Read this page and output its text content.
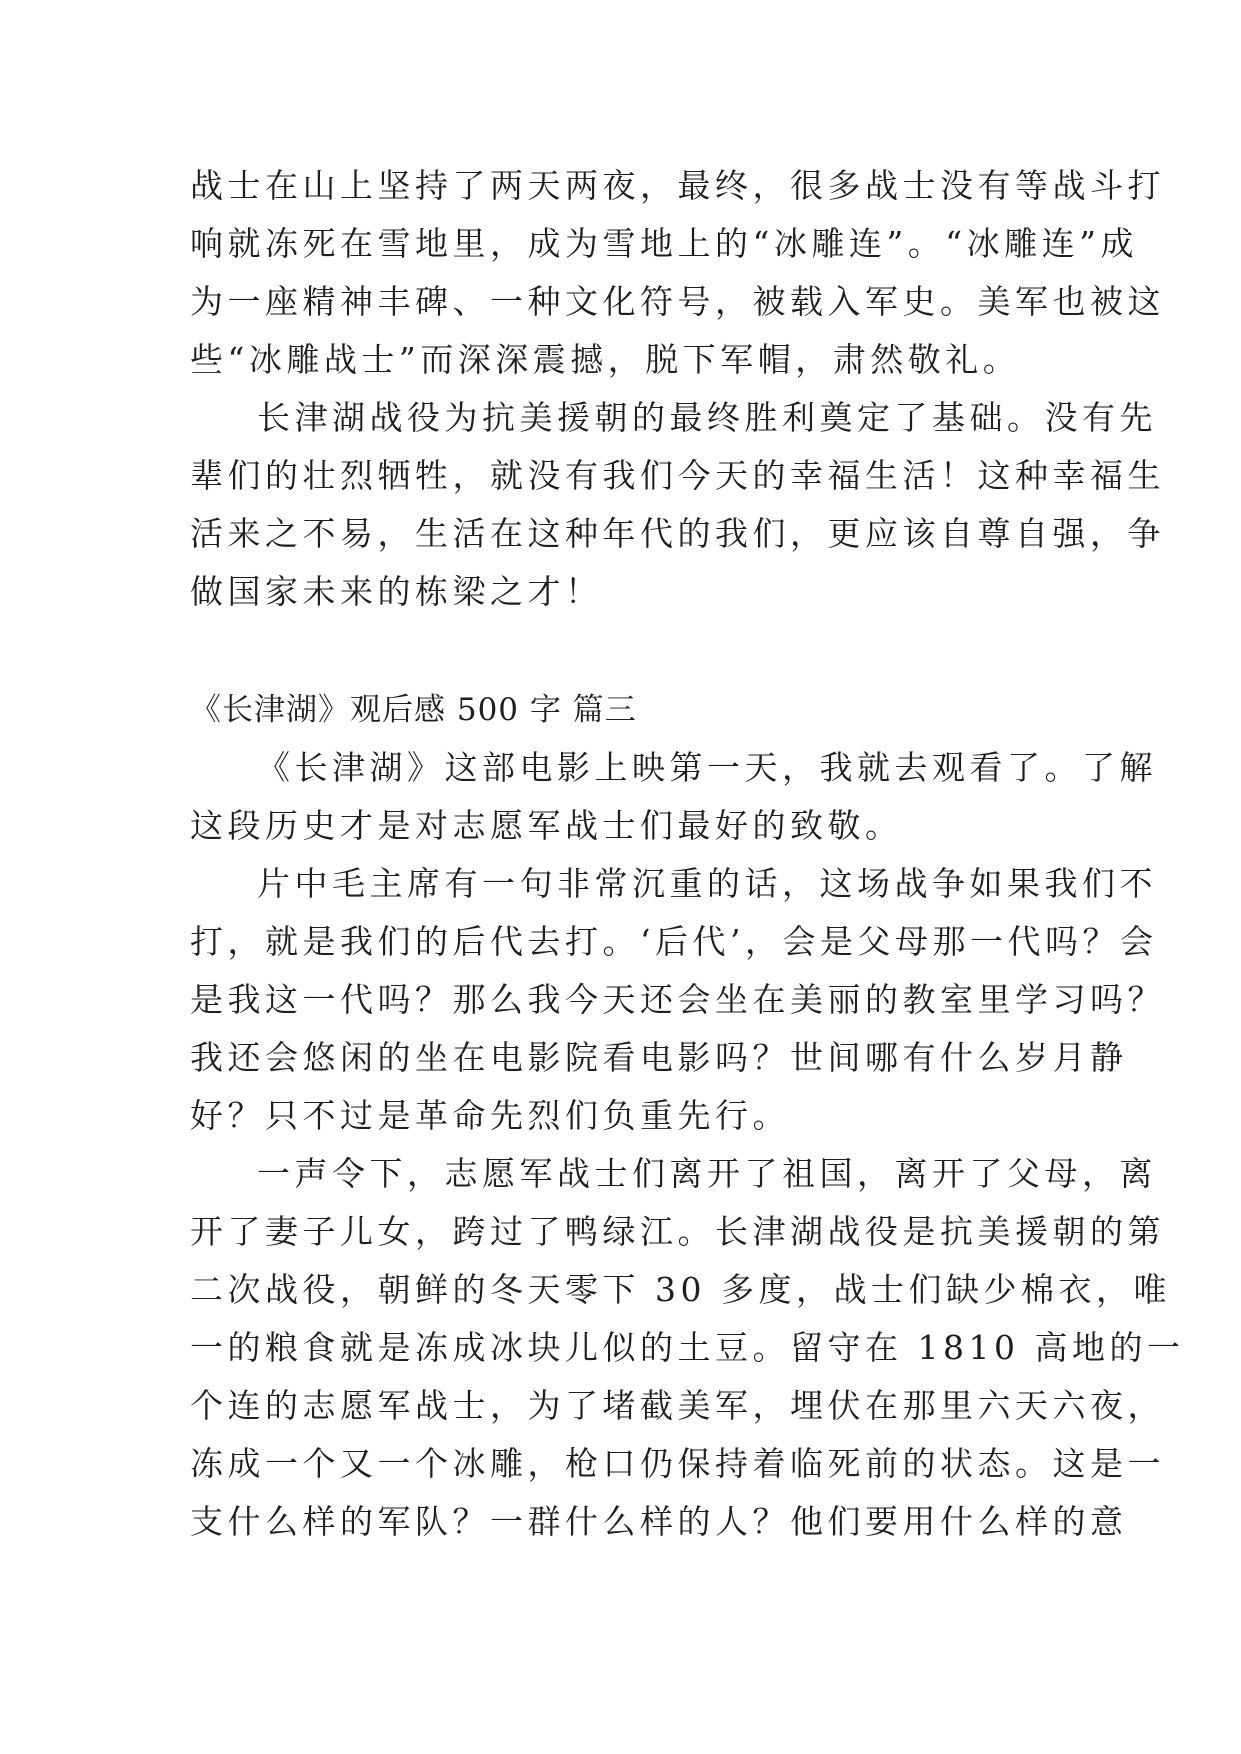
战士在山上坚持了两天两夜，最终，很多战士没有等战斗打
响就冻死在雪地里，成为雪地上的“冰雕连”。“冰雕连”成
为一座精神丰碑、一种文化符号，被载入军史。美军也被这
些“冰雕战士”而深深震撼，脱下军帽，肃然敬礼。
长津湖战役为抗美援朝的最终胜利奠定了基础。没有先
辈们的壮烈牺牲，就没有我们今天的幸福生活！这种幸福生
活来之不易，生活在这种年代的我们，更应该自尊自强，争
做国家未来的栋梁之才！
《长津湖》观后感 500 字 篇三
《长津湖》这部电影上映第一天，我就去观看了。了解
这段历史才是对志愿军战士们最好的致敬。
片中毛主席有一句非常沉重的话，这场战争如果我们不
打，就是我们的后代去打。‘后代’，会是父母那一代吗？会
是我这一代吗？那么我今天还会坐在美丽的教室里学习吗？
我还会悠闲的坐在电影院看电影吗？世间哪有什么岁月静
好？只不过是革命先烈们负重先行。
一声令下，志愿军战士们离开了祖国，离开了父母，离
开了妻子儿女，跨过了鸭绿江。长津湖战役是抗美援朝的第
二次战役，朝鲜的冬天零下 30 多度，战士们缺少棉衣，唯
一的粮食就是冻成冰块儿似的土豆。留守在 1810 高地的一
个连的志愿军战士，为了堵截美军，埋伏在那里六天六夜，
冻成一个又一个冰雕，枪口仍保持着临死前的状态。这是一
支什么样的军队？一群什么样的人？他们要用什么样的意
